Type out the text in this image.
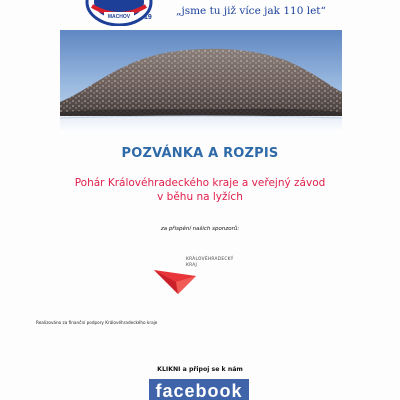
MACHOV 19
„jsme tu již více jak 110 let“
POZVÁNKA A ROZPIS
Pohár Královéhradeckého kraje a veřejný závod
v běhu na lyžích
za přispění našich sponzorů:
KRÁLOVÉHRADECKÝ
KRAJ
Realizováno za finanční podpory Královéhradeckého kraje
KLIKNI a připoj se k nám
facebook
